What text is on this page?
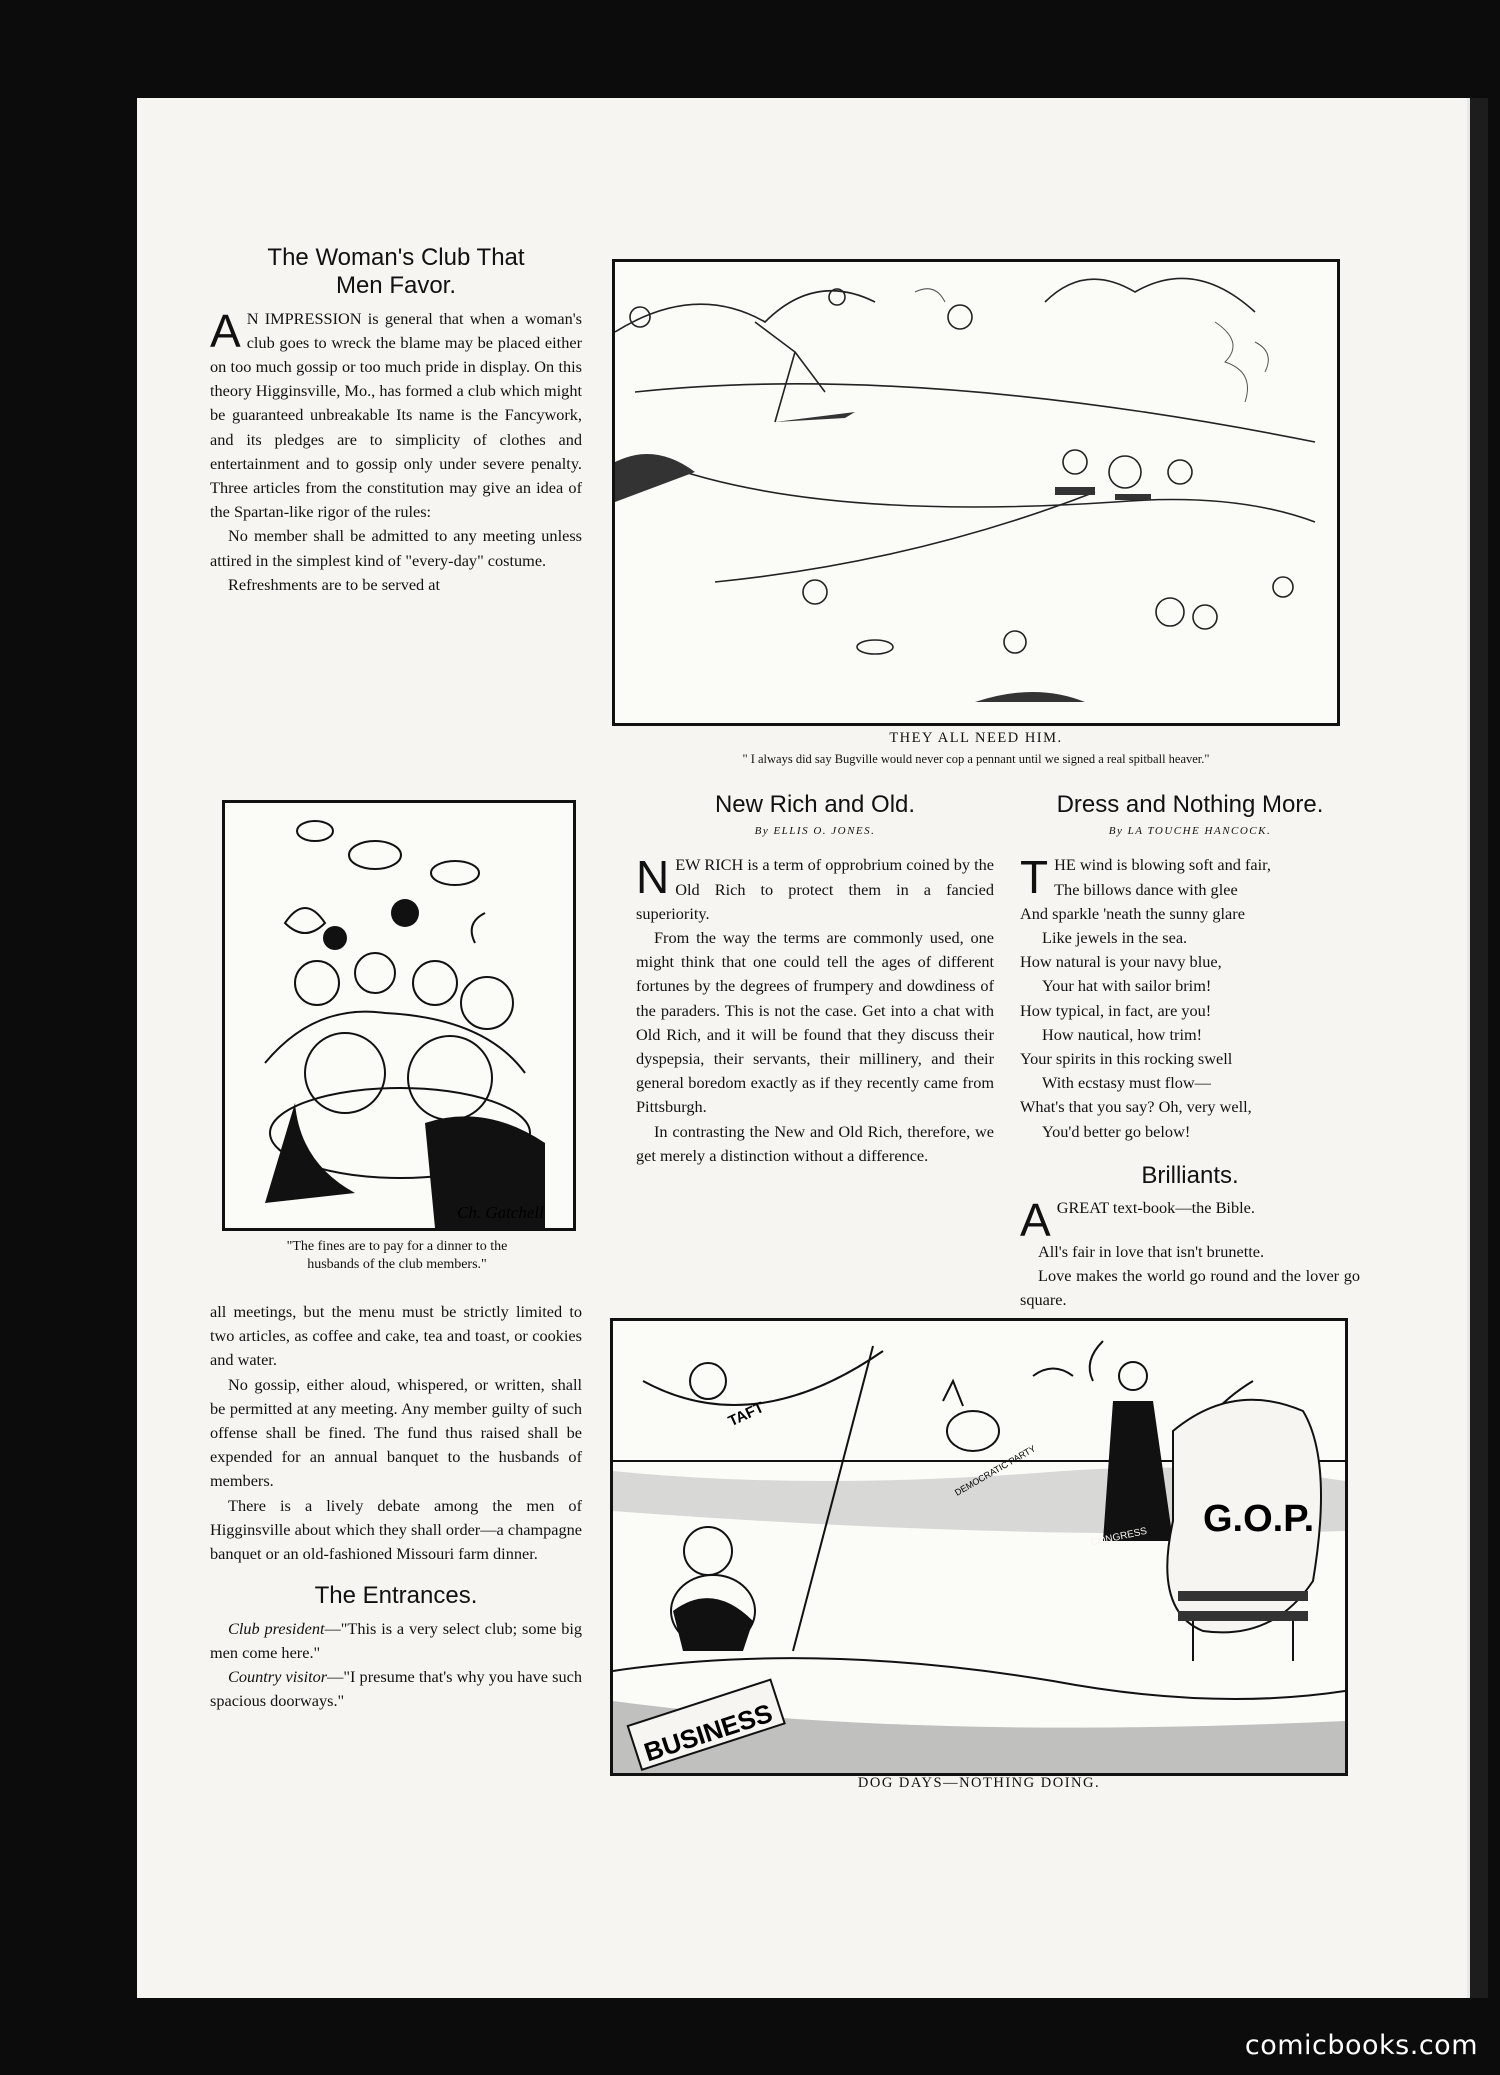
The Woman's Club That
Men Favor.

A N IMPRESSION is general that when a woman's club goes to wreck the blame may be placed either on too much gossip or too much pride in display. On this theory Higginsville, Mo., has formed a club which might be guaranteed unbreakable Its name is the Fancywork, and its pledges are to simplicity of clothes and entertainment and to gossip only under severe penalty. Three articles from the constitution may give an idea of the Spartan-like rigor of the rules:

No member shall be admitted to any meeting unless attired in the simplest kind of "every-day" costume.

Refreshments are to be served at

Ch. Gatchell
"The fines are to pay for a dinner to the
husbands of the club members."

all meetings, but the menu must be strictly limited to two articles, as coffee and cake, tea and toast, or cookies and water.

No gossip, either aloud, whispered, or written, shall be permitted at any meeting. Any member guilty of such offense shall be fined. The fund thus raised shall be expended for an annual banquet to the husbands of members.

There is a lively debate among the men of Higginsville about which they shall order—a champagne banquet or an old-fashioned Missouri farm dinner.

The Entrances.

Club president—"This is a very select club; some big men come here."

Country visitor—"I presume that's why you have such spacious doorways."

THEY ALL NEED HIM.
" I always did say Bugville would never cop a pennant until we signed a real spitball heaver."
New Rich and Old.
By ELLIS O. JONES.

NEW RICH is a term of opprobrium coined by the Old Rich to protect them in a fancied superiority.

From the way the terms are commonly used, one might think that one could tell the ages of different fortunes by the degrees of frumpery and dowdiness of the paraders. This is not the case. Get into a chat with Old Rich, and it will be found that they discuss their dyspepsia, their servants, their millinery, and their general boredom exactly as if they recently came from Pittsburgh.

In contrasting the New and Old Rich, therefore, we get merely a distinction without a difference.

Dress and Nothing More.
By LA TOUCHE HANCOCK.
THE wind is blowing soft and fair,
The billows dance with glee
And sparkle 'neath the sunny glare
Like jewels in the sea.
How natural is your navy blue,
Your hat with sailor brim!
How typical, in fact, are you!
How nautical, how trim!
Your spirits in this rocking swell
With ecstasy must flow—
What's that you say? Oh, very well,
You'd better go below!
Brilliants.

AGREAT text-book—the Bible.

All's fair in love that isn't brunette.

Love makes the world go round and the lover go square.

BUSINESS
TAFT
G.O.P.
DEMOCRATIC PARTY
CONGRESS
DOG DAYS—NOTHING DOING.
comicbooks.com
